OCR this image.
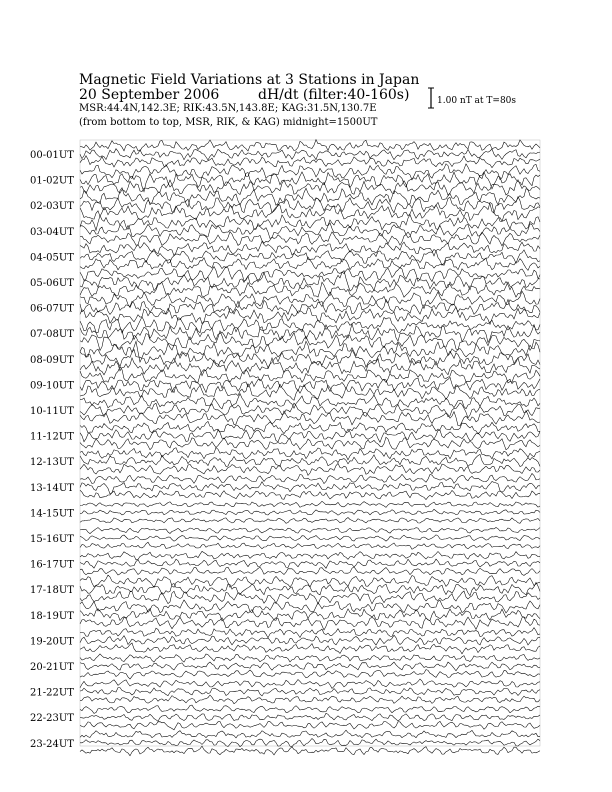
Magnetic Field Variations at 3 Stations in Japan
20 September 2006	dH/dt (filter:40-160s)
MSR:44.4N,142.3E; RIK:43.5N,143.8E; KAG:31.5N,130.7E
(from bottom to top, MSR, RIK, & KAG) midnight=1500UT
1.00 nT at T=80s
00-01UT
01-02UT
02-03UT
03-04UT
04-05UT
05-06UT
06-07UT
07-08UT
08-09UT
09-10UT
10-11UT
11-12UT
12-13UT
13-14UT
14-15UT
15-16UT
16-17UT
17-18UT
18-19UT
19-20UT
20-21UT
21-22UT
22-23UT
23-24UT
